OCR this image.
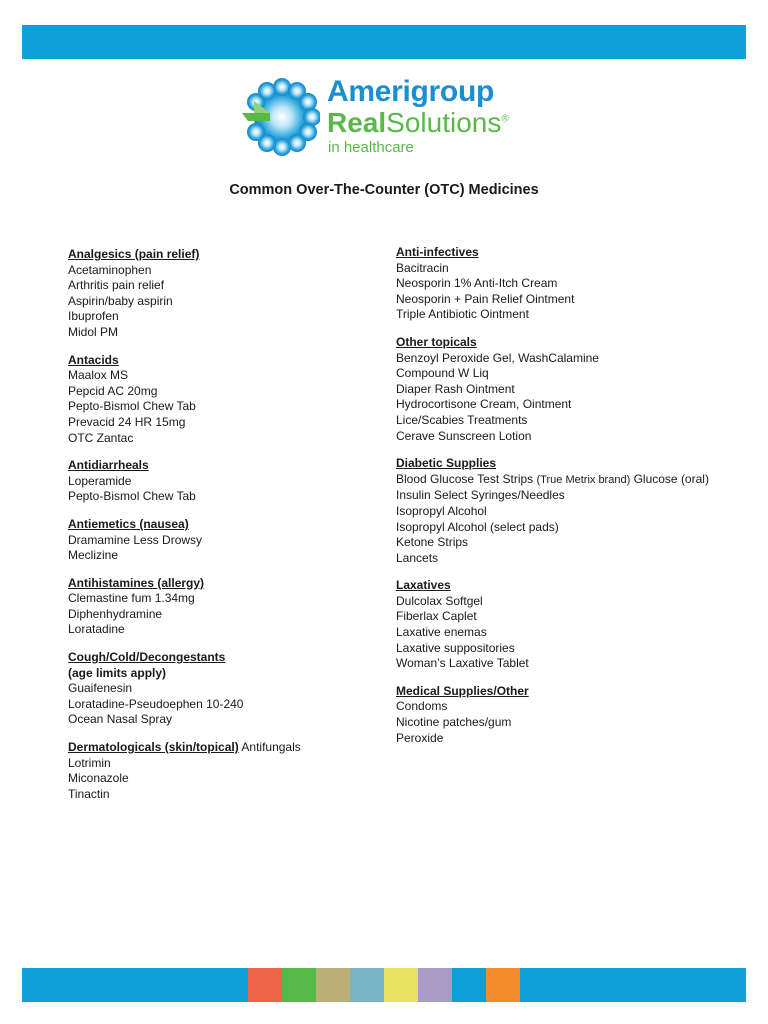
Amerigroup
RealSolutions®
in healthcare
Common Over-The-Counter (OTC) Medicines
Analgesics (pain relief)
Acetaminophen
Arthritis pain relief
Aspirin/baby aspirin
Ibuprofen
Midol PM
Antacids
Maalox MS
Pepcid AC 20mg
Pepto-Bismol Chew Tab
Prevacid 24 HR 15mg
OTC Zantac
Antidiarrheals
Loperamide
Pepto-Bismol Chew Tab
Antiemetics (nausea)
Dramamine Less Drowsy
Meclizine
Antihistamines (allergy)
Clemastine fum 1.34mg
Diphenhydramine
Loratadine
Cough/Cold/Decongestants
(age limits apply)
Guaifenesin
Loratadine-Pseudoephen 10-240
Ocean Nasal Spray
Dermatologicals (skin/topical) Antifungals
Lotrimin
Miconazole
Tinactin
Anti-infectives
Bacitracin
Neosporin 1% Anti-Itch Cream
Neosporin + Pain Relief Ointment
Triple Antibiotic Ointment
Other topicals
Benzoyl Peroxide Gel, WashCalamine
Compound W Liq
Diaper Rash Ointment
Hydrocortisone Cream, Ointment
Lice/Scabies Treatments
Cerave Sunscreen Lotion
Diabetic Supplies
Blood Glucose Test Strips (True Metrix brand) Glucose (oral)
Insulin Select Syringes/Needles
Isopropyl Alcohol
Isopropyl Alcohol (select pads)
Ketone Strips
Lancets
Laxatives
Dulcolax Softgel
Fiberlax Caplet
Laxative enemas
Laxative suppositories
Woman’s Laxative Tablet
Medical Supplies/Other
Condoms
Nicotine patches/gum
Peroxide
